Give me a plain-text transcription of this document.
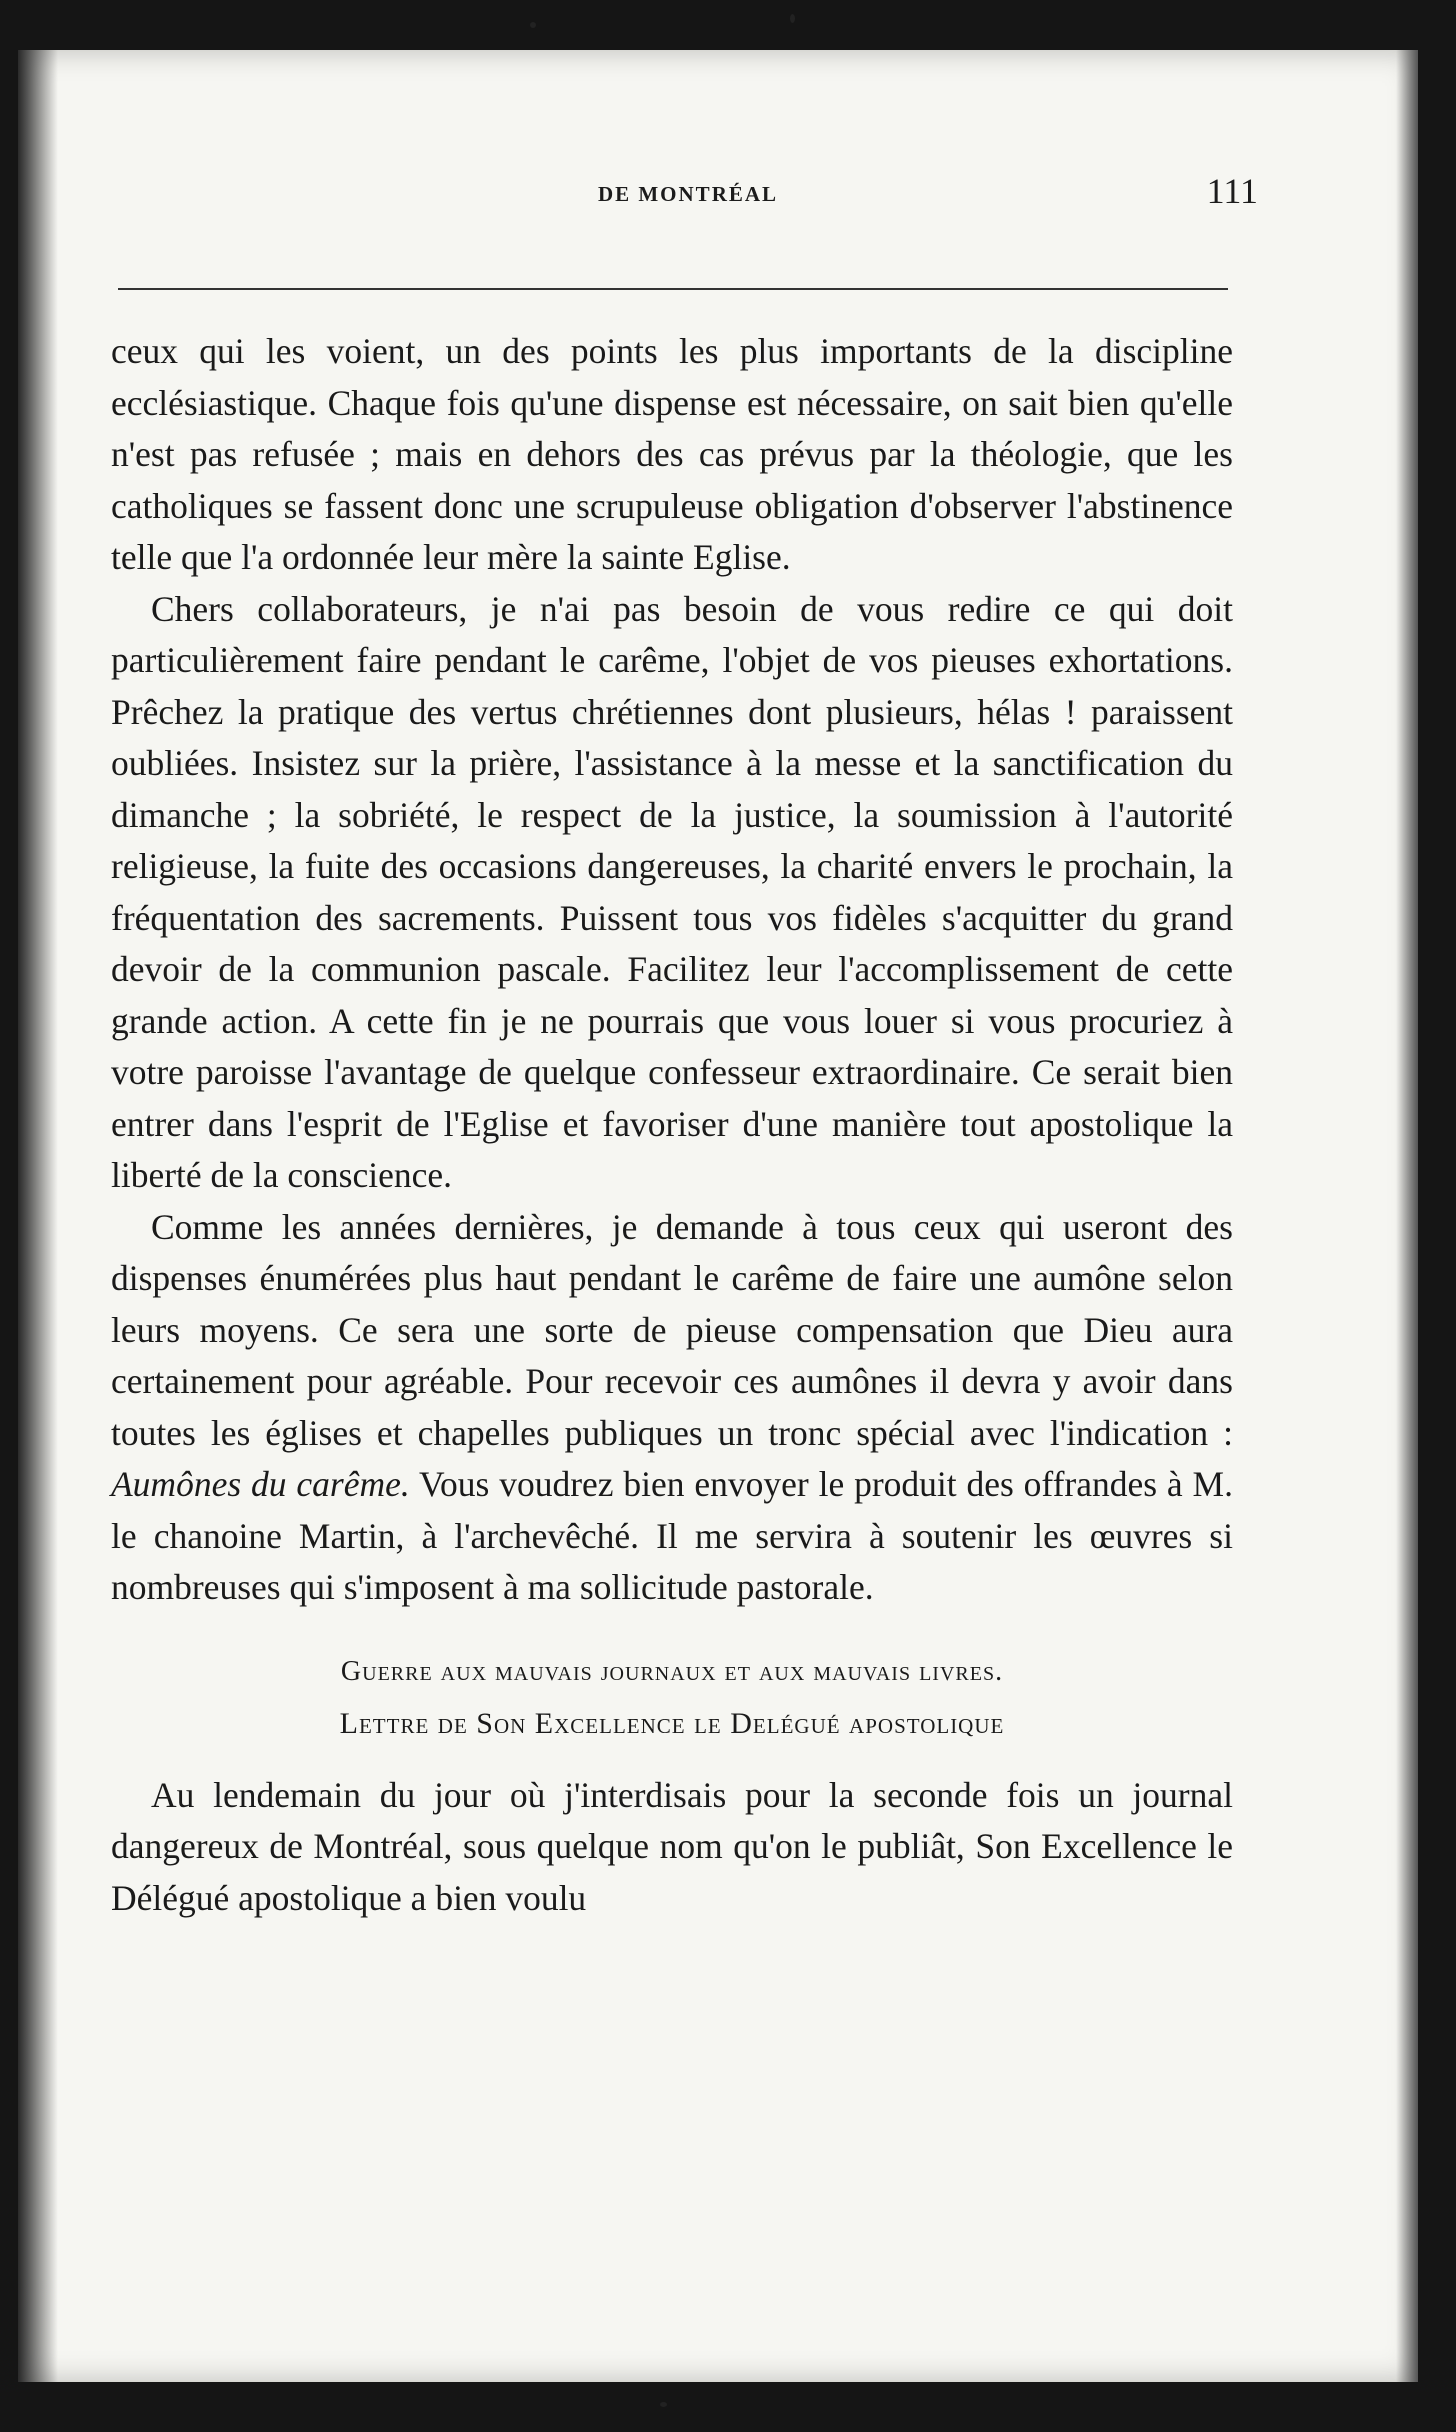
DE MONTRÉAL	111

ceux qui les voient, un des points les plus importants de la discipline ecclésiastique. Chaque fois qu'une dispense est nécessaire, on sait bien qu'elle n'est pas refusée ; mais en dehors des cas prévus par la théologie, que les catholiques se fassent donc une scrupuleuse obligation d'observer l'abstinence telle que l'a ordonnée leur mère la sainte Eglise.

Chers collaborateurs, je n'ai pas besoin de vous redire ce qui doit particulièrement faire pendant le carême, l'objet de vos pieuses exhortations. Prêchez la pratique des vertus chrétiennes dont plusieurs, hélas ! paraissent oubliées. Insistez sur la prière, l'assistance à la messe et la sanctification du dimanche ; la sobriété, le respect de la justice, la soumission à l'autorité religieuse, la fuite des occasions dangereuses, la charité envers le prochain, la fréquentation des sacrements. Puissent tous vos fidèles s'acquitter du grand devoir de la communion pascale. Facilitez leur l'accomplissement de cette grande action. A cette fin je ne pourrais que vous louer si vous procuriez à votre paroisse l'avantage de quelque confesseur extraordinaire. Ce serait bien entrer dans l'esprit de l'Eglise et favoriser d'une manière tout apostolique la liberté de la conscience.

Comme les années dernières, je demande à tous ceux qui useront des dispenses énumérées plus haut pendant le carême de faire une aumône selon leurs moyens. Ce sera une sorte de pieuse compensation que Dieu aura certainement pour agréable. Pour recevoir ces aumônes il devra y avoir dans toutes les églises et chapelles publiques un tronc spécial avec l'indication : Aumônes du carême. Vous voudrez bien envoyer le produit des offrandes à M. le chanoine Martin, à l'archevêché. Il me servira à soutenir les œuvres si nombreuses qui s'imposent à ma sollicitude pastorale.

Guerre aux mauvais journaux et aux mauvais livres.
Lettre de Son Excellence le Delégué apostolique

Au lendemain du jour où j'interdisais pour la seconde fois un journal dangereux de Montréal, sous quelque nom qu'on le publiât, Son Excellence le Délégué apostolique a bien voulu
